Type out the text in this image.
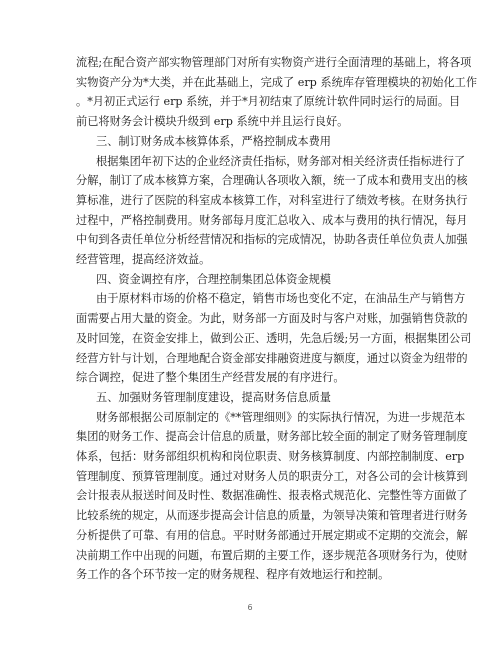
流程;在配合资产部实物管理部门对所有实物资产进行全面清理的基础上，将各项
实物资产分为*大类，并在此基础上，完成了 erp 系统库存管理模块的初始化工作
。*月初正式运行 erp 系统，并于*月初结束了原统计软件同时运行的局面。目
前已将财务会计模块升级到 erp 系统中并且运行良好。
三、制订财务成本核算体系，严格控制成本费用
根据集团年初下达的企业经济责任指标，财务部对相关经济责任指标进行了
分解，制订了成本核算方案，合理确认各项收入额，统一了成本和费用支出的核
算标准，进行了医院的科室成本核算工作，对科室进行了绩效考核。在财务执行
过程中，严格控制费用。财务部每月度汇总收入、成本与费用的执行情况，每月
中旬到各责任单位分析经营情况和指标的完成情况，协助各责任单位负责人加强
经营管理，提高经济效益。
四、资金调控有序，合理控制集团总体资金规模
由于原材料市场的价格不稳定，销售市场也变化不定，在油品生产与销售方
面需要占用大量的资金。为此，财务部一方面及时与客户对账，加强销售贷款的
及时回笼，在资金安排上，做到公正、透明，先急后缓;另一方面，根据集团公司
经营方针与计划，合理地配合资金部安排融资进度与额度，通过以资金为纽带的
综合调控，促进了整个集团生产经营发展的有序进行。
五、加强财务管理制度建设，提高财务信息质量
财务部根据公司原制定的《**管理细则》的实际执行情况，为进一步规范本
集团的财务工作、提高会计信息的质量，财务部比较全面的制定了财务管理制度
体系，包括：财务部组织机构和岗位职责、财务核算制度、内部控制制度、erp
管理制度、预算管理制度。通过对财务人员的职责分工，对各公司的会计核算到
会计报表从报送时间及时性、数据准确性、报表格式规范化、完整性等方面做了
比较系统的规定，从而逐步提高会计信息的质量，为领导决策和管理者进行财务
分析提供了可靠、有用的信息。平时财务部通过开展定期或不定期的交流会，解
决前期工作中出现的问题，布置后期的主要工作，逐步规范各项财务行为，使财
务工作的各个环节按一定的财务规程、程序有效地运行和控制。
6
